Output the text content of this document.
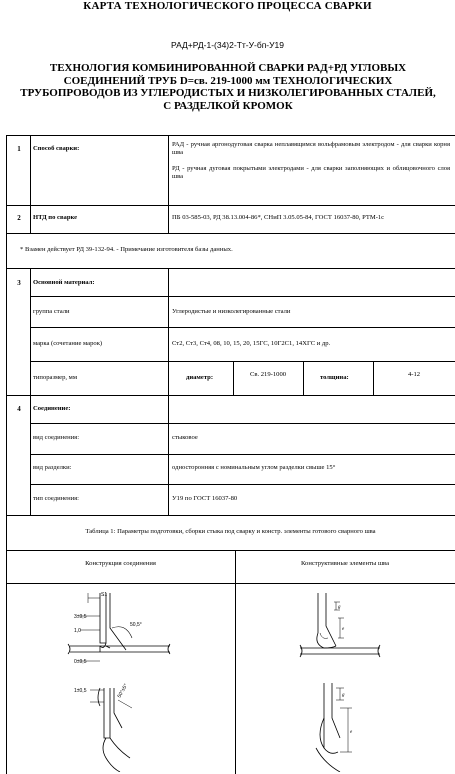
КАРТА ТЕХНОЛОГИЧЕСКОГО ПРОЦЕССА СВАРКИ
РАД+РД-1-(34)2-Тт-У-бп-У19
ТЕХНОЛОГИЯ КОМБИНИРОВАННОЙ СВАРКИ РАД+РД УГЛОВЫХ СОЕДИНЕНИЙ ТРУБ D=св. 219-1000 мм ТЕХНОЛОГИЧЕСКИХ ТРУБОПРОВОДОВ ИЗ УГЛЕРОДИСТЫХ И НИЗКОЛЕГИРОВАННЫХ СТАЛЕЙ, С РАЗДЕЛКОЙ КРОМОК
1	Способ сварки:
РАД - ручная аргонодуговая сварка неплавящимся вольфрамовым электродом - для сварки корня шва
РД - ручная дуговая покрытыми электродами - для сварки заполняющих и облицовочного слоя шва
2	НТД по сварке	ПБ 03-585-03, РД 38.13.004-86*, СНиП 3.05.05-84, ГОСТ 16037-80, РТМ-1с
* Взамен действует РД 39-132-94. - Примечание изготовителя базы данных.
3	Основной материал:
группа стали	Углеродистые и низколегированные стали
марка (сочетание марок)	Ст2, Ст3, Ст4, 08, 10, 15, 20, 15ГС, 10Г2С1, 14ХГС и др.
типоразмер, мм	диаметр:	Св. 219-1000	толщина:	4-12
4	Соединение:
вид соединения:	стыковое
вид разделки:	односторонняя с номинальным углом разделки свыше 15°
тип соединения:	У19 по ГОСТ 16037-80
Таблица 1: Параметры подготовки, сборки стыка под сварку и констр. элементы готового сварного шва
Конструкция соединения	Конструктивные элементы шва
S1
3±0,5
1,0
50,5°
0±0,5
1±0,5	50°±5°
g
e
g
e
